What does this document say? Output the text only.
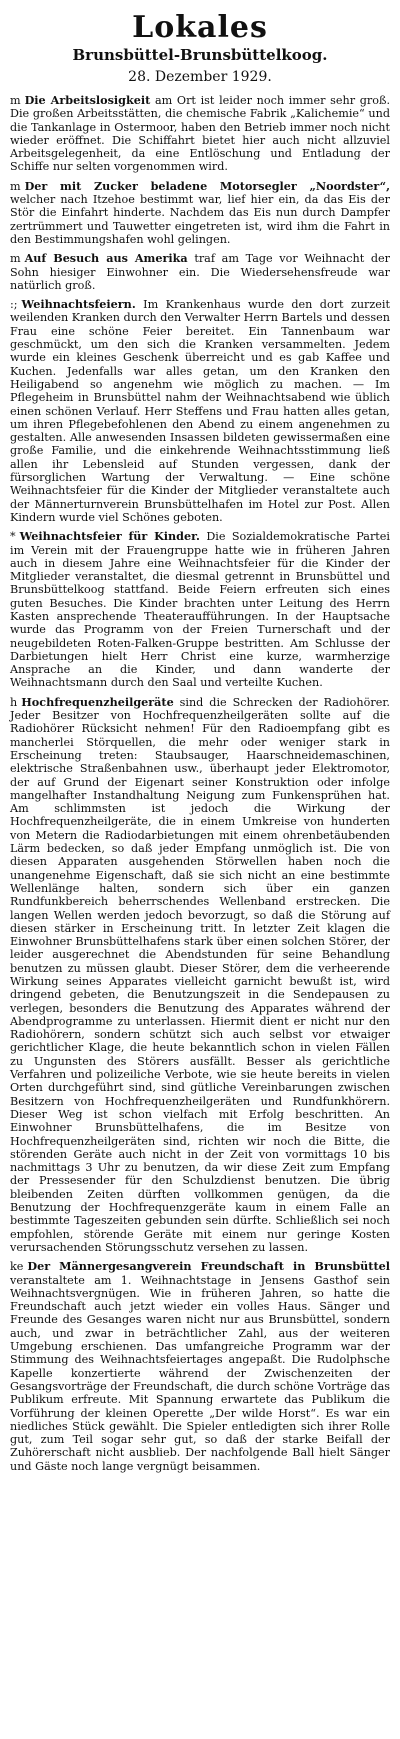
Lokales
Brunsbüttel-Brunsbüttelkoog.
28. Dezember 1929.

m Die Arbeitslosigkeit am Ort ist leider noch immer sehr groß. Die großen Arbeitsstätten, die chemische Fabrik „Kalichemie“ und die Tankanlage in Ostermoor, haben den Betrieb immer noch nicht wieder eröffnet. Die Schiffahrt bietet hier auch nicht allzuviel Arbeitsgelegenheit, da eine Entlöschung und Entladung der Schiffe nur selten vorgenommen wird.

m Der mit Zucker beladene Motorsegler „Noordster“, welcher nach Itzehoe bestimmt war, lief hier ein, da das Eis der Stör die Einfahrt hinderte. Nachdem das Eis nun durch Dampfer zertrümmert und Tauwetter eingetreten ist, wird ihm die Fahrt in den Bestimmungshafen wohl gelingen.

m Auf Besuch aus Amerika traf am Tage vor Weihnacht der Sohn hiesiger Einwohner ein. Die Wiedersehensfreude war natürlich groß.

:; Weihnachtsfeiern. Im Krankenhaus wurde den dort zurzeit weilenden Kranken durch den Verwalter Herrn Bartels und dessen Frau eine schöne Feier bereitet. Ein Tannenbaum war geschmückt, um den sich die Kranken versammelten. Jedem wurde ein kleines Geschenk überreicht und es gab Kaffee und Kuchen. Jedenfalls war alles getan, um den Kranken den Heiligabend so angenehm wie möglich zu machen. — Im Pflegeheim in Brunsbüttel nahm der Weihnachtsabend wie üblich einen schönen Verlauf. Herr Steffens und Frau hatten alles getan, um ihren Pflegebefohlenen den Abend zu einem angenehmen zu gestalten. Alle anwesenden Insassen bildeten gewissermaßen eine große Familie, und die einkehrende Weihnachtsstimmung ließ allen ihr Lebensleid auf Stunden vergessen, dank der fürsorglichen Wartung der Verwaltung. — Eine schöne Weihnachtsfeier für die Kinder der Mitglieder veranstaltete auch der Männerturnverein Brunsbüttelhafen im Hotel zur Post. Allen Kindern wurde viel Schönes geboten.

* Weihnachtsfeier für Kinder. Die Sozialdemokratische Partei im Verein mit der Frauengruppe hatte wie in früheren Jahren auch in diesem Jahre eine Weihnachtsfeier für die Kinder der Mitglieder veranstaltet, die diesmal getrennt in Brunsbüttel und Brunsbüttelkoog stattfand. Beide Feiern erfreuten sich eines guten Besuches. Die Kinder brachten unter Leitung des Herrn Kasten ansprechende Theateraufführungen. In der Hauptsache wurde das Programm von der Freien Turnerschaft und der neugebildeten Roten-Falken-Gruppe bestritten. Am Schlusse der Darbietungen hielt Herr Christ eine kurze, warmherzige Ansprache an die Kinder, und dann wanderte der Weihnachtsmann durch den Saal und verteilte Kuchen.

h Hochfrequenzheilgeräte sind die Schrecken der Radiohörer. Jeder Besitzer von Hochfrequenzheilgeräten sollte auf die Radiohörer Rücksicht nehmen! Für den Radioempfang gibt es mancherlei Störquellen, die mehr oder weniger stark in Erscheinung treten: Staubsauger, Haarschneidemaschinen, elektrische Straßenbahnen usw., überhaupt jeder Elektromotor, der auf Grund der Eigenart seiner Konstruktion oder infolge mangelhafter Instandhaltung Neigung zum Funkensprühen hat. Am schlimmsten ist jedoch die Wirkung der Hochfrequenzheilgeräte, die in einem Umkreise von hunderten von Metern die Radiodarbietungen mit einem ohrenbetäubenden Lärm bedecken, so daß jeder Empfang unmöglich ist. Die von diesen Apparaten ausgehenden Störwellen haben noch die unangenehme Eigenschaft, daß sie sich nicht an eine bestimmte Wellenlänge halten, sondern sich über ein ganzen Rundfunkbereich beherrschendes Wellenband erstrecken. Die langen Wellen werden jedoch bevorzugt, so daß die Störung auf diesen stärker in Erscheinung tritt. In letzter Zeit klagen die Einwohner Brunsbüttelhafens stark über einen solchen Störer, der leider ausgerechnet die Abendstunden für seine Behandlung benutzen zu müssen glaubt. Dieser Störer, dem die verheerende Wirkung seines Apparates vielleicht garnicht bewußt ist, wird dringend gebeten, die Benutzungszeit in die Sendepausen zu verlegen, besonders die Benutzung des Apparates während der Abendprogramme zu unterlassen. Hiermit dient er nicht nur den Radiohörern, sondern schützt sich auch selbst vor etwaiger gerichtlicher Klage, die heute bekanntlich schon in vielen Fällen zu Ungunsten des Störers ausfällt. Besser als gerichtliche Verfahren und polizeiliche Verbote, wie sie heute bereits in vielen Orten durchgeführt sind, sind gütliche Vereinbarungen zwischen Besitzern von Hochfrequenzheilgeräten und Rundfunkhörern. Dieser Weg ist schon vielfach mit Erfolg beschritten. An Einwohner Brunsbüttelhafens, die im Besitze von Hochfrequenzheilgeräten sind, richten wir noch die Bitte, die störenden Geräte auch nicht in der Zeit von vormittags 10 bis nachmittags 3 Uhr zu benutzen, da wir diese Zeit zum Empfang der Pressesender für den Schulzdienst benutzen. Die übrig bleibenden Zeiten dürften vollkommen genügen, da die Benutzung der Hochfrequenzgeräte kaum in einem Falle an bestimmte Tageszeiten gebunden sein dürfte. Schließlich sei noch empfohlen, störende Geräte mit einem nur geringe Kosten verursachenden Störungsschutz versehen zu lassen.

ke Der Männergesangverein Freundschaft in Brunsbüttel veranstaltete am 1. Weihnachtstage in Jensens Gasthof sein Weihnachtsvergnügen. Wie in früheren Jahren, so hatte die Freundschaft auch jetzt wieder ein volles Haus. Sänger und Freunde des Gesanges waren nicht nur aus Brunsbüttel, sondern auch, und zwar in beträchtlicher Zahl, aus der weiteren Umgebung erschienen. Das umfangreiche Programm war der Stimmung des Weihnachtsfeiertages angepaßt. Die Rudolphsche Kapelle konzertierte während der Zwischenzeiten der Gesangsvorträge der Freundschaft, die durch schöne Vorträge das Publikum erfreute. Mit Spannung erwartete das Publikum die Vorführung der kleinen Operette „Der wilde Horst“. Es war ein niedliches Stück gewählt. Die Spieler entledigten sich ihrer Rolle gut, zum Teil sogar sehr gut, so daß der starke Beifall der Zuhörerschaft nicht ausblieb. Der nachfolgende Ball hielt Sänger und Gäste noch lange vergnügt beisammen.
